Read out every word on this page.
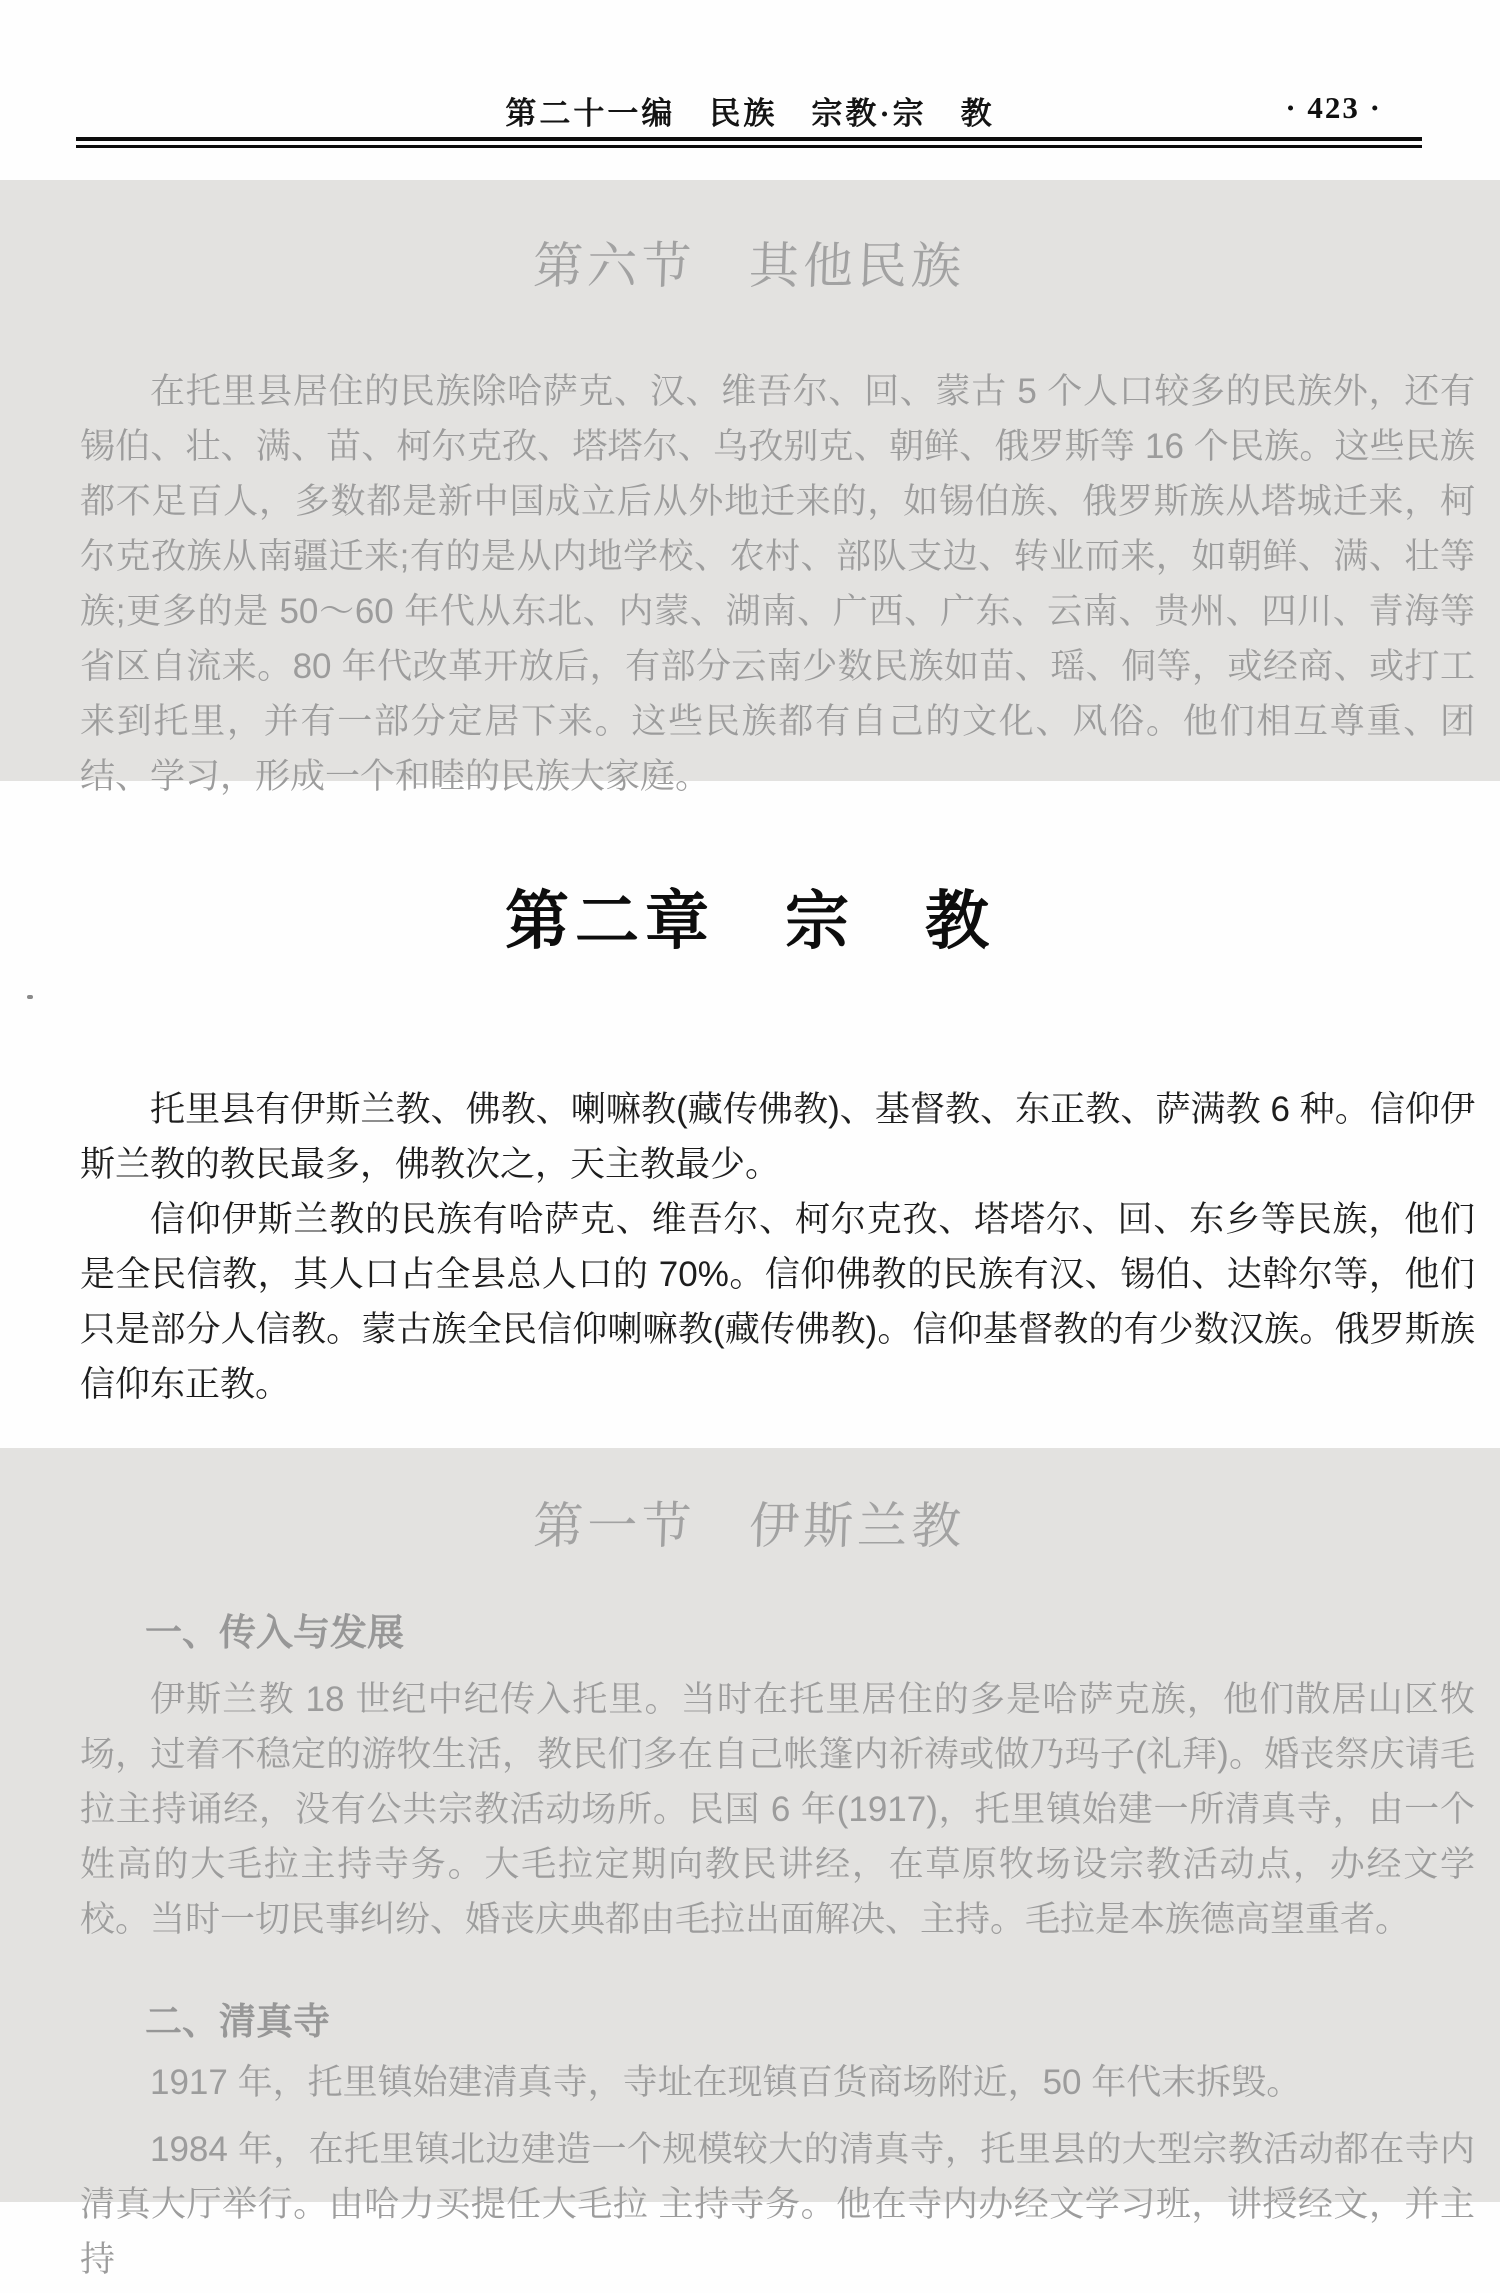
第二十一编　民族　宗教·宗　教	· 423 ·
第六节　其他民族

在托里县居住的民族除哈萨克、汉、维吾尔、回、蒙古 5 个人口较多的民族外，还有锡伯、壮、满、苗、柯尔克孜、塔塔尔、乌孜别克、朝鲜、俄罗斯等 16 个民族。这些民族都不足百人，多数都是新中国成立后从外地迁来的，如锡伯族、俄罗斯族从塔城迁来，柯尔克孜族从南疆迁来;有的是从内地学校、农村、部队支边、转业而来，如朝鲜、满、壮等族;更多的是 50～60 年代从东北、内蒙、湖南、广西、广东、云南、贵州、四川、青海等省区自流来。80 年代改革开放后，有部分云南少数民族如苗、瑶、侗等，或经商、或打工来到托里，并有一部分定居下来。这些民族都有自己的文化、风俗。他们相互尊重、团结、学习，形成一个和睦的民族大家庭。

第二章　宗　教

托里县有伊斯兰教、佛教、喇嘛教(藏传佛教)、基督教、东正教、萨满教 6 种。信仰伊斯兰教的教民最多，佛教次之，天主教最少。

信仰伊斯兰教的民族有哈萨克、维吾尔、柯尔克孜、塔塔尔、回、东乡等民族，他们是全民信教，其人口占全县总人口的 70%。信仰佛教的民族有汉、锡伯、达斡尔等，他们只是部分人信教。蒙古族全民信仰喇嘛教(藏传佛教)。信仰基督教的有少数汉族。俄罗斯族信仰东正教。

第一节　伊斯兰教
一、传入与发展

伊斯兰教 18 世纪中纪传入托里。当时在托里居住的多是哈萨克族，他们散居山区牧场，过着不稳定的游牧生活，教民们多在自己帐篷内祈祷或做乃玛子(礼拜)。婚丧祭庆请毛拉主持诵经，没有公共宗教活动场所。民国 6 年(1917)，托里镇始建一所清真寺，由一个姓高的大毛拉主持寺务。大毛拉定期向教民讲经，在草原牧场设宗教活动点，办经文学校。当时一切民事纠纷、婚丧庆典都由毛拉出面解决、主持。毛拉是本族德高望重者。

二、清真寺

1917 年，托里镇始建清真寺，寺址在现镇百货商场附近，50 年代末拆毁。

1984 年，在托里镇北边建造一个规模较大的清真寺，托里县的大型宗教活动都在寺内清真大厅举行。由哈力买提任大毛拉 主持寺务。他在寺内办经文学习班，讲授经文，并主持
